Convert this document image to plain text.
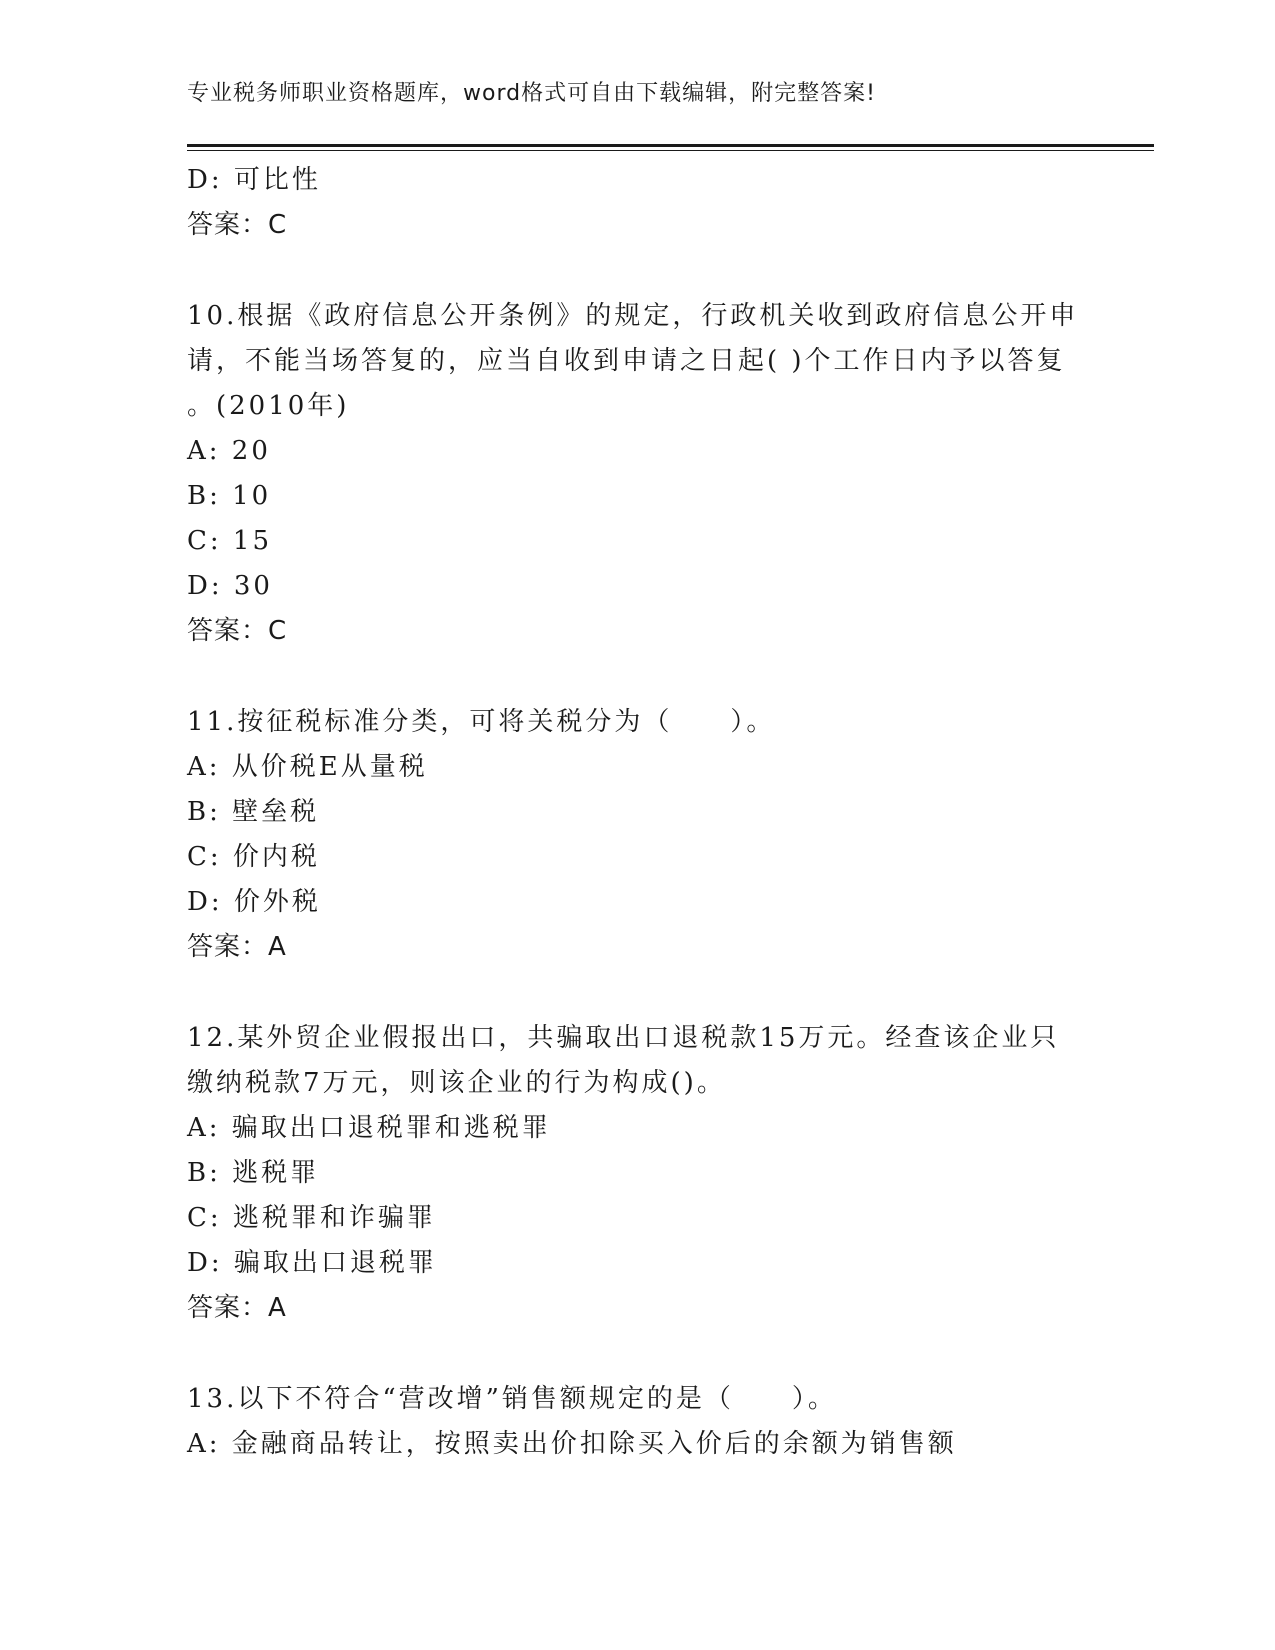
专业税务师职业资格题库，word格式可自由下载编辑，附完整答案!
D: 可比性
答案：C
10.根据《政府信息公开条例》的规定，行政机关收到政府信息公开申
请，不能当场答复的，应当自收到申请之日起( )个工作日内予以答复
。(2010年)
A: 20
B: 10
C: 15
D: 30
答案：C
11.按征税标准分类，可将关税分为（　　）。
A: 从价税E从量税
B: 壁垒税
C: 价内税
D: 价外税
答案：A
12.某外贸企业假报出口，共骗取出口退税款15万元。经查该企业只
缴纳税款7万元，则该企业的行为构成()。
A: 骗取出口退税罪和逃税罪
B: 逃税罪
C: 逃税罪和诈骗罪
D: 骗取出口退税罪
答案：A
13.以下不符合“营改增”销售额规定的是（　　）。
A: 金融商品转让，按照卖出价扣除买入价后的余额为销售额
